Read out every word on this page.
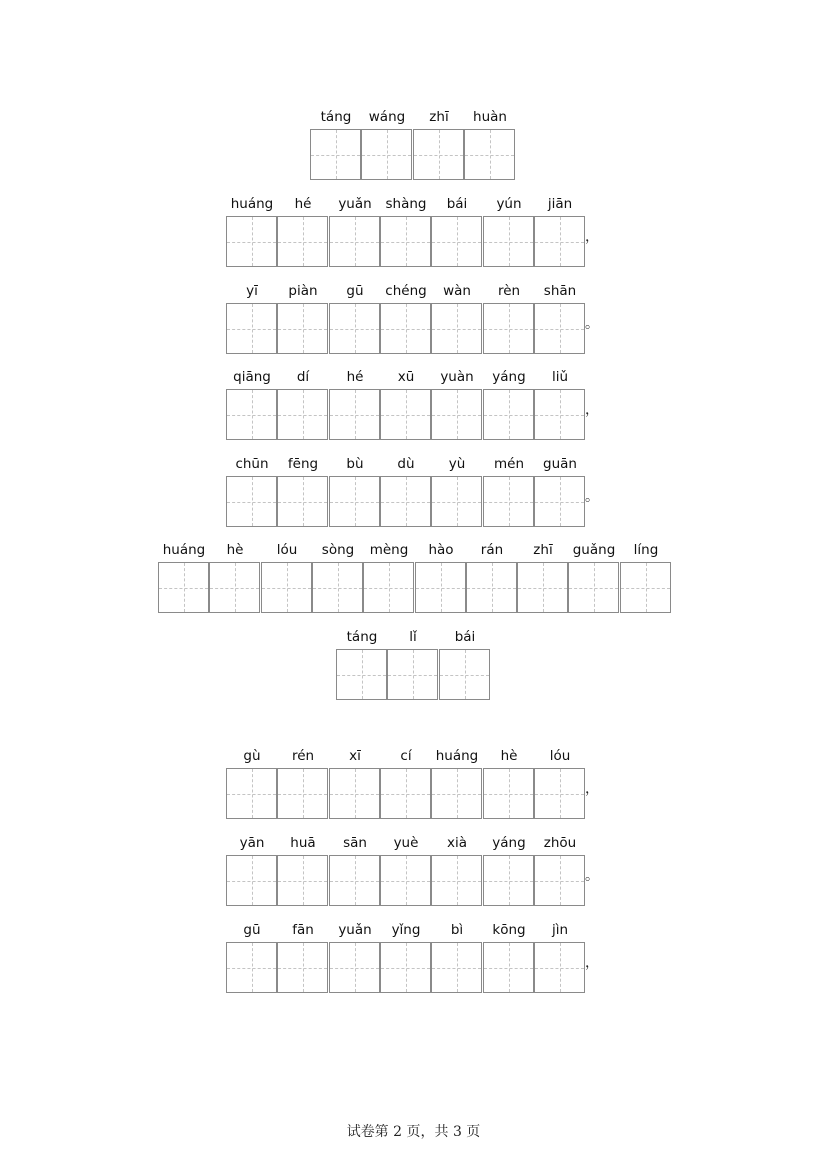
táng	wáng	zhī	huàn
huáng	hé	yuǎn	shàng	bái	yún	jiān
，
yī	piàn	gū	chéng	wàn	rèn	shān
。
qiāng	dí	hé	xū	yuàn	yáng	liǔ
，
chūn	fēng	bù	dù	yù	mén	guān
。
huáng	hè	lóu	sòng	mèng	hào	rán	zhī	guǎng	líng
táng	lǐ	bái
gù	rén	xī	cí	huáng	hè	lóu
，
yān	huā	sān	yuè	xià	yáng	zhōu
。
gū	fān	yuǎn	yǐng	bì	kōng	jìn
，
试卷第 2 页，共 3 页
